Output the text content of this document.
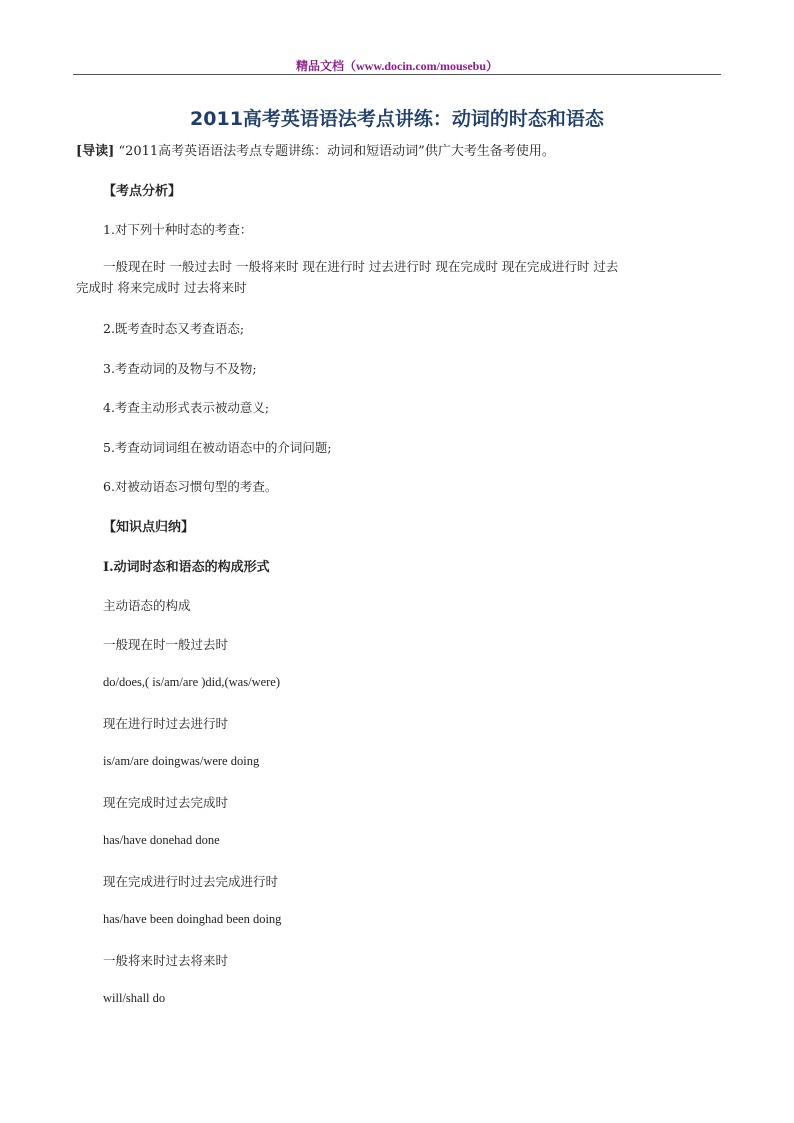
精品文档（www.docin.com/mousebu）
2011高考英语语法考点讲练：动词的时态和语态
[导读] “2011高考英语语法考点专题讲练：动词和短语动词”供广大考生备考使用。
【考点分析】
1.对下列十种时态的考查：
一般现在时 一般过去时 一般将来时 现在进行时 过去进行时 现在完成时 现在完成进行时 过去
完成时 将来完成时 过去将来时
2.既考查时态又考查语态;
3.考查动词的及物与不及物;
4.考查主动形式表示被动意义;
5.考查动词词组在被动语态中的介词问题;
6.对被动语态习惯句型的考查。
【知识点归纳】
I.动词时态和语态的构成形式
主动语态的构成
一般现在时一般过去时
do/does,( is/am/are )did,(was/were)
现在进行时过去进行时
is/am/are doingwas/were doing
现在完成时过去完成时
has/have donehad done
现在完成进行时过去完成进行时
has/have been doinghad been doing
一般将来时过去将来时
will/shall do
